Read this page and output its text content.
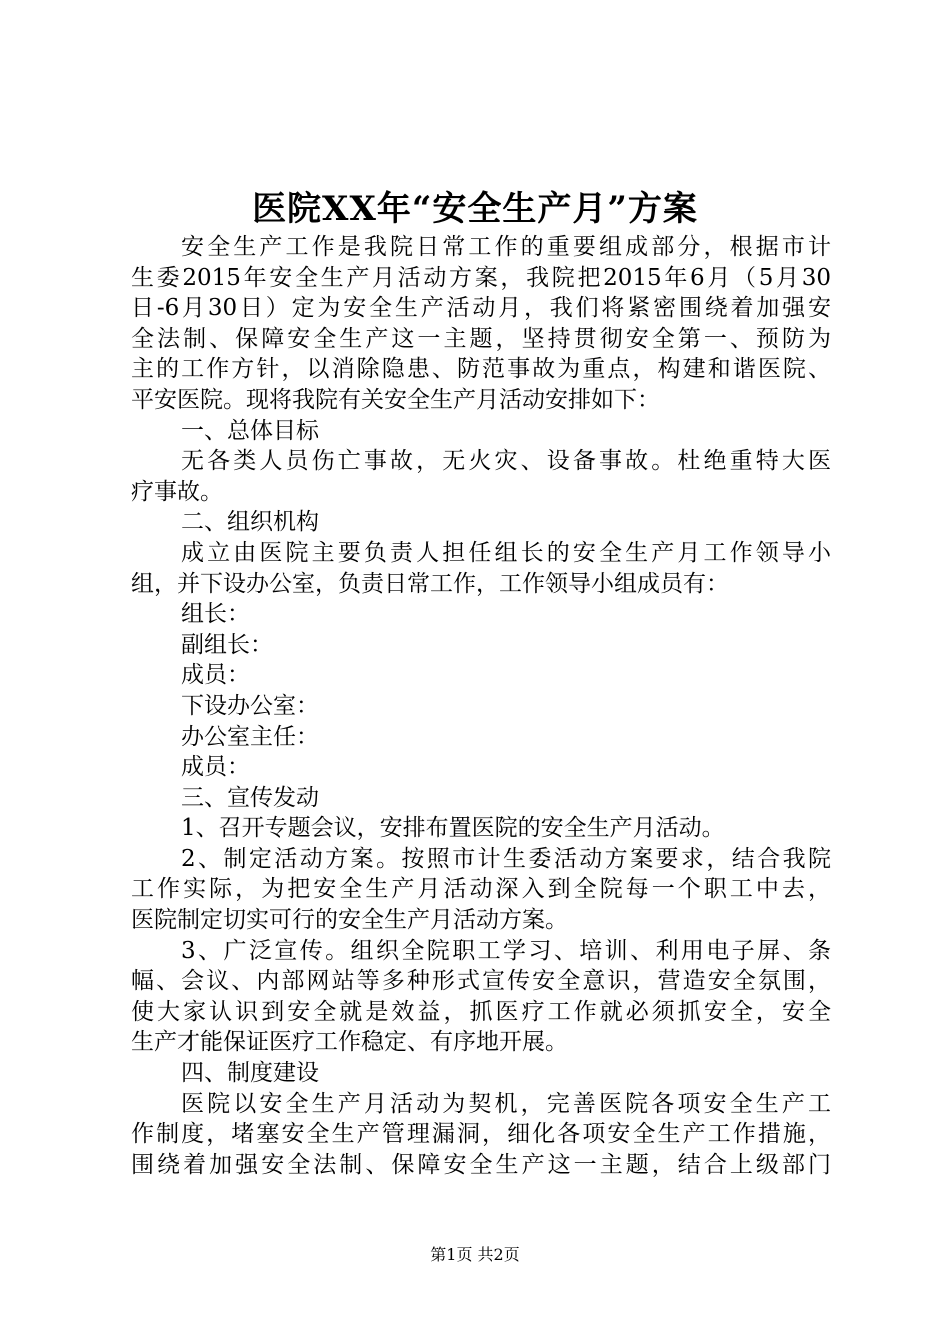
医院XX年“安全生产月”方案
安全生产工作是我院日常工作的重要组成部分，根据市计
生委2015年安全生产月活动方案，我院把2015年6月（5月30
日-6月30日）定为安全生产活动月，我们将紧密围绕着加强安
全法制、保障安全生产这一主题，坚持贯彻安全第一、预防为
主的工作方针，以消除隐患、防范事故为重点，构建和谐医院、
平安医院。现将我院有关安全生产月活动安排如下：
一、总体目标
无各类人员伤亡事故，无火灾、设备事故。杜绝重特大医
疗事故。
二、组织机构
成立由医院主要负责人担任组长的安全生产月工作领导小
组，并下设办公室，负责日常工作，工作领导小组成员有：
组长：
副组长：
成员：
下设办公室：
办公室主任：
成员：
三、宣传发动
1、召开专题会议，安排布置医院的安全生产月活动。
2、制定活动方案。按照市计生委活动方案要求，结合我院
工作实际，为把安全生产月活动深入到全院每一个职工中去，
医院制定切实可行的安全生产月活动方案。
3、广泛宣传。组织全院职工学习、培训、利用电子屏、条
幅、会议、内部网站等多种形式宣传安全意识，营造安全氛围，
使大家认识到安全就是效益，抓医疗工作就必须抓安全，安全
生产才能保证医疗工作稳定、有序地开展。
四、制度建设
医院以安全生产月活动为契机，完善医院各项安全生产工
作制度，堵塞安全生产管理漏洞，细化各项安全生产工作措施，
围绕着加强安全法制、保障安全生产这一主题，结合上级部门
第1页 共2页
